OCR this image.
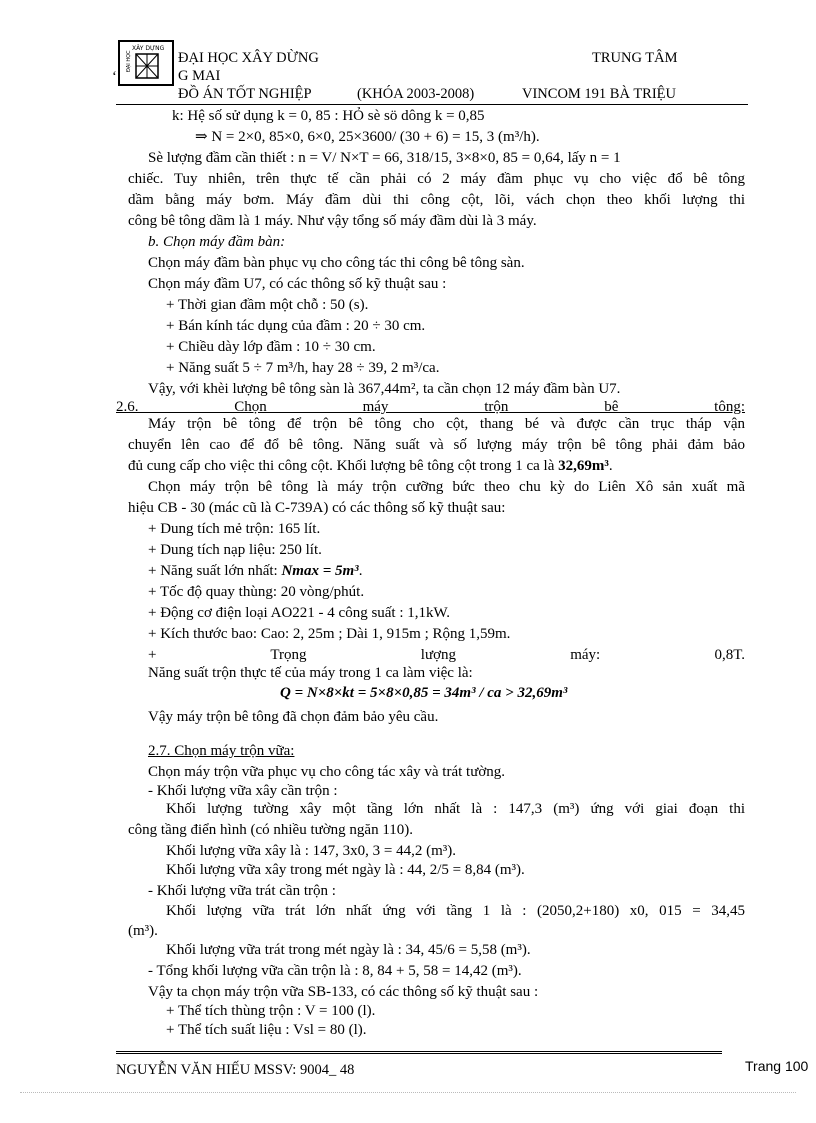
XÂY DỰNG
ĐẠI HỌC
‘
ĐẠI HỌC XÂY DỪNG	TRUNG TÂM
G MAI
ĐỒ ÁN TỐT NGHIỆP	(KHÓA 2003-2008)	VINCOM 191 BÀ TRIỆU
k: Hệ số sử dụng k = 0, 85 : HỎ sè sö dông k = 0,85
⇒ N = 2×0, 85×0, 6×0, 25×3600/ (30 + 6) = 15, 3 (m³/h).
Sè lượng đầm cần thiết : n = V/ N×T = 66, 318/15, 3×8×0, 85 = 0,64, lấy n = 1
chiếc. Tuy nhiên, trên thực tế cần phải có 2 máy đầm phục vụ cho việc đổ bê tông
dầm bằng máy bơm. Máy đầm dùi thi công cột, lõi, vách chọn theo khối lượng thi
công bê tông dầm là 1 máy. Như vậy tổng số máy đầm dùi là 3 máy.
b. Chọn máy đầm bàn:
Chọn máy đầm bàn phục vụ cho công tác thi công bê tông sàn.
Chọn máy đầm U7, có các thông số kỹ thuật sau :
+ Thời gian đầm một chỗ : 50 (s).
+ Bán kính tác dụng của đầm : 20 ÷ 30 cm.
+ Chiều dày lớp đầm : 10 ÷ 30 cm.
+ Năng suất 5 ÷ 7 m³/h, hay 28 ÷ 39, 2 m³/ca.
Vậy, với khèi lượng bê tông sàn là 367,44m², ta cần chọn 12 máy đầm bàn U7.
2.6. Chọn máy trộn bê tông:
Máy trộn bê tông để trộn bê tông cho cột, thang bé và được cần trục tháp vận
chuyển lên cao để đổ bê tông. Năng suất và số lượng máy trộn bê tông phải đảm bảo
đủ cung cấp cho việc thi công cột. Khối lượng bê tông cột trong 1 ca là 32,69m³.
Chọn máy trộn bê tông là máy trộn cưỡng bức theo chu kỳ do Liên Xô sản xuất mã
hiệu CB - 30 (mác cũ là C-739A) có các thông số kỹ thuật sau:
+ Dung tích mẻ trộn: 165 lít.
+ Dung tích nạp liệu: 250 lít.
+ Năng suất lớn nhất: Nmax = 5m³.
+ Tốc độ quay thùng: 20 vòng/phút.
+ Động cơ điện loại AO221 - 4 công suất : 1,1kW.
+ Kích thước bao: Cao: 2, 25m ; Dài 1, 915m ; Rộng 1,59m.
+ Trọng lượng máy: 0,8T.
Năng suất trộn thực tế của máy trong 1 ca làm việc là:
Q = N×8×kt = 5×8×0,85 = 34m³ / ca > 32,69m³
Vậy máy trộn bê tông đã chọn đảm bảo yêu cầu.
2.7. Chọn máy trộn vữa:
Chọn máy trộn vữa phục vụ cho công tác xây và trát tường.
- Khối lượng vữa xây cần trộn :
Khối lượng tường xây một tầng lớn nhất là : 147,3 (m³) ứng với giai đoạn thi
công tầng điển hình (có nhiều tường ngăn 110).
Khối lượng vữa xây là : 147, 3x0, 3 = 44,2 (m³).
Khối lượng vữa xây trong mét ngày là : 44, 2/5 = 8,84 (m³).
- Khối lượng vữa trát cần trộn :
Khối lượng vữa trát lớn nhất ứng với tầng 1 là : (2050,2+180) x0, 015 = 34,45
(m³).
Khối lượng vữa trát trong mét ngày là : 34, 45/6 = 5,58 (m³).
- Tổng khối lượng vữa cần trộn là : 8, 84 + 5, 58 = 14,42 (m³).
Vậy ta chọn máy trộn vữa SB-133, có các thông số kỹ thuật sau :
+ Thể tích thùng trộn : V = 100 (l).
+ Thể tích suất liệu : Vsl = 80 (l).
NGUYỄN VĂN HIẾU MSSV: 9004_ 48	Trang 100
